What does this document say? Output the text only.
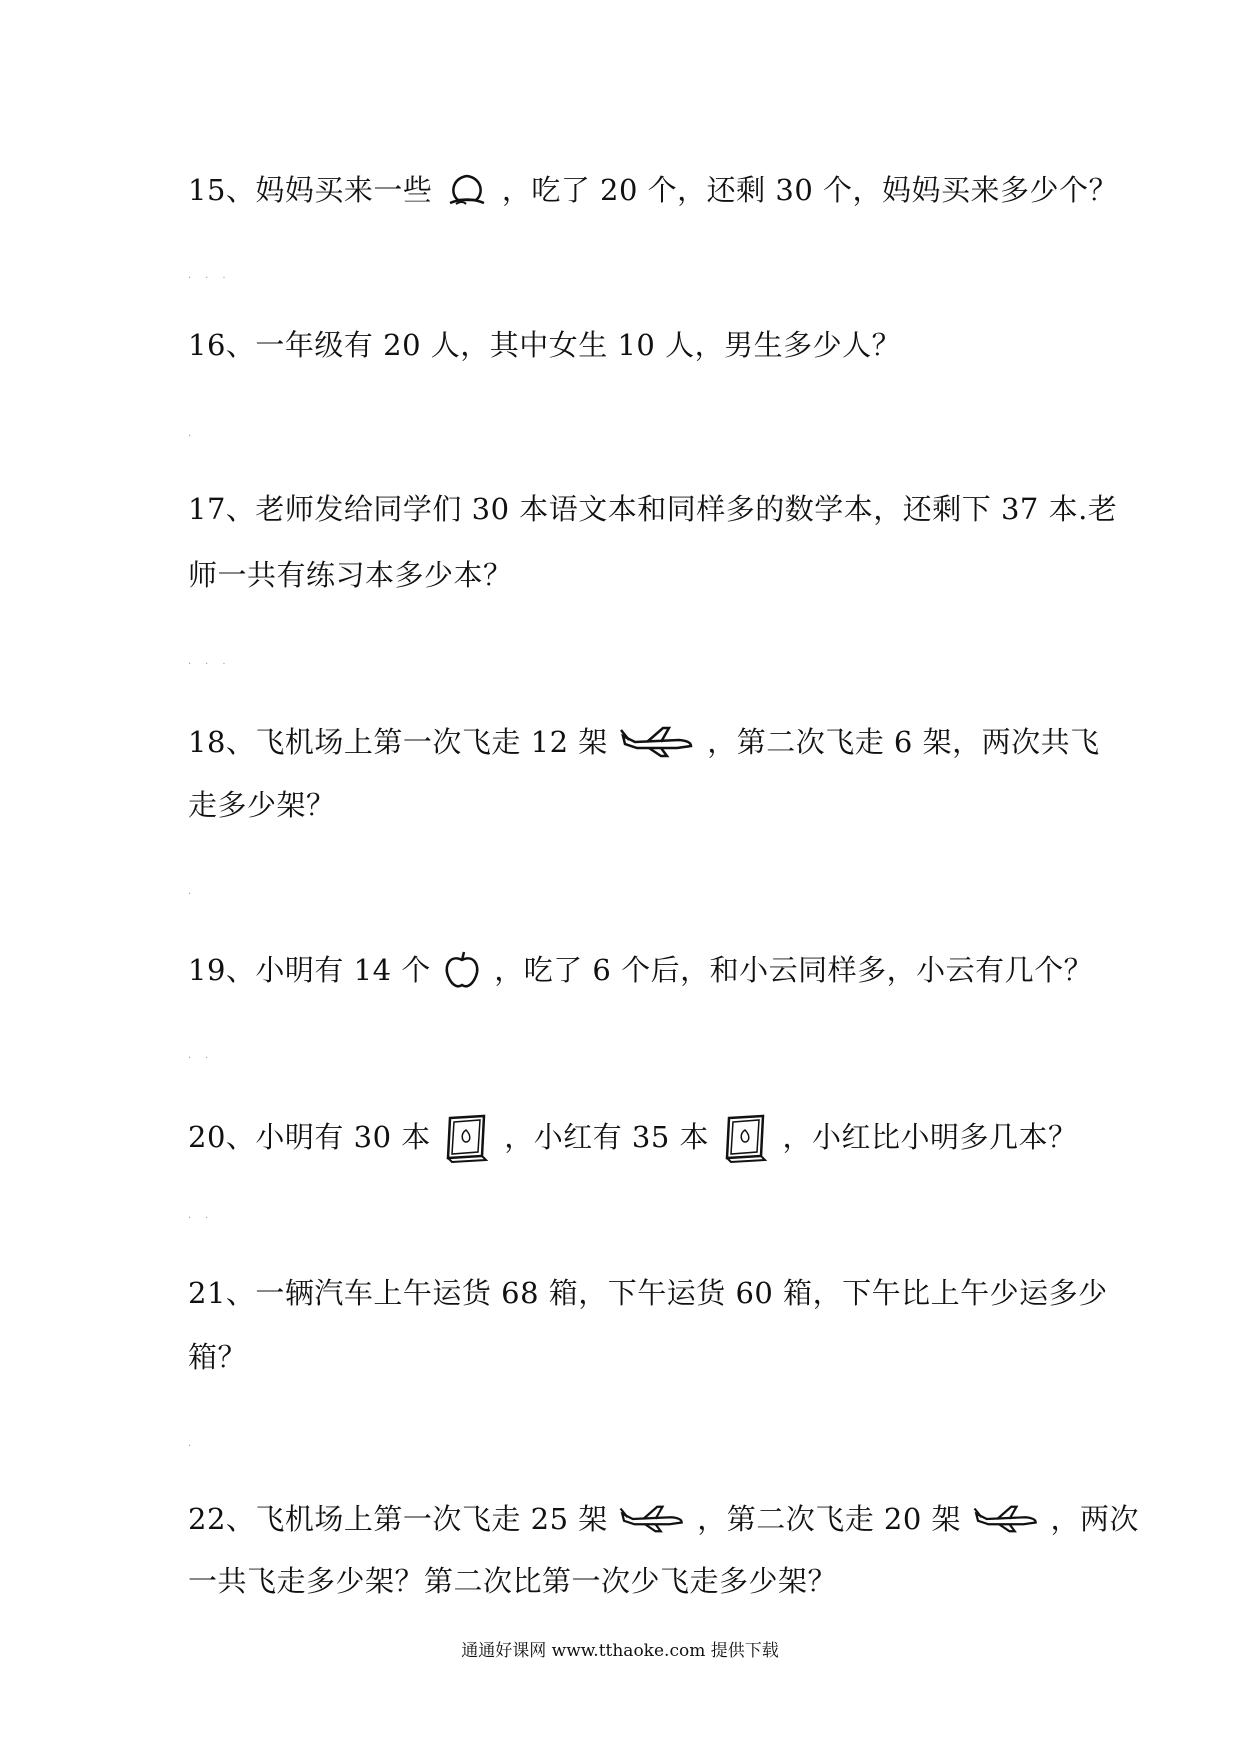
15、妈妈买来一些 ，吃了 20 个，还剩 30 个，妈妈买来多少个？
...
16、一年级有 20 人，其中女生 10 人，男生多少人？
.
17、老师发给同学们 30 本语文本和同样多的数学本，还剩下 37 本.老
师一共有练习本多少本？
...
18、飞机场上第一次飞走 12 架	，第二次飞走 6 架，两次共飞
走多少架？
.
19、小明有 14 个 ，吃了 6 个后，和小云同样多，小云有几个？
..
20、小明有 30 本	，小红有 35 本	，小红比小明多几本？
..
21、一辆汽车上午运货 68 箱，下午运货 60 箱，下午比上午少运多少
箱？
.
22、飞机场上第一次飞走 25 架	，第二次飞走 20 架	，两次
一共飞走多少架？第二次比第一次少飞走多少架？
通通好课网 www.tthaoke.com 提供下载
